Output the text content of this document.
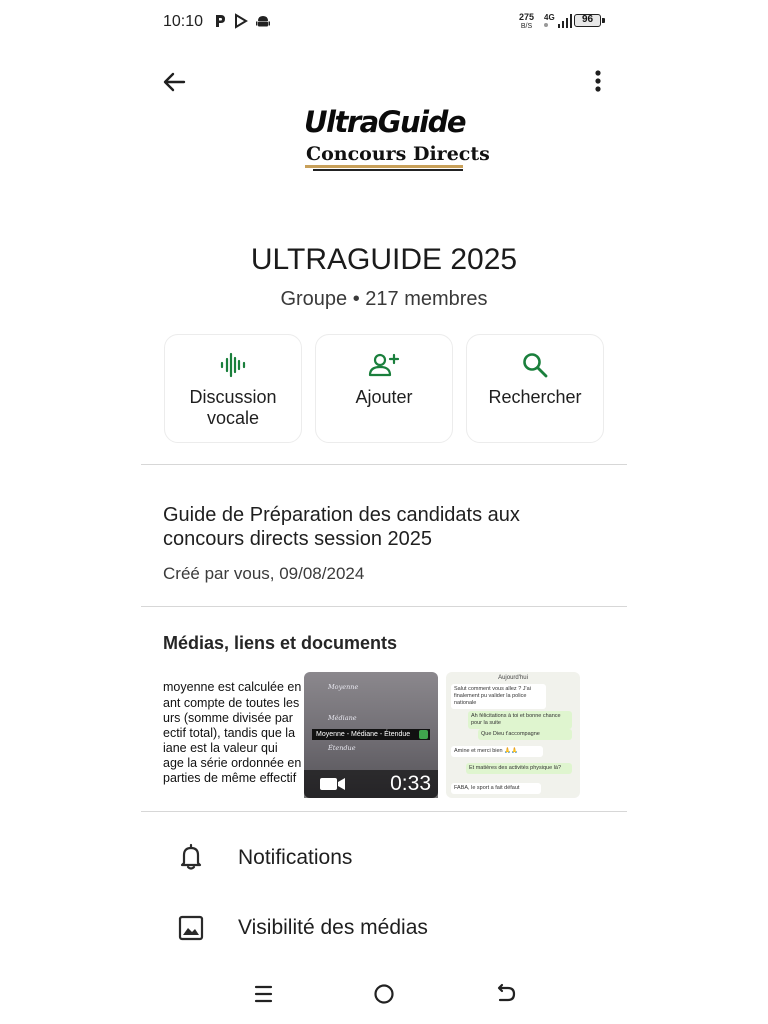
10:10	275
B/S
4G	96
UltraGuide
Concours Directs
ULTRAGUIDE 2025
Groupe • 217 membres
Discussion
vocale
Ajouter	Rechercher
Guide de Préparation des candidats aux concours directs session 2025
Créé par vous, 09/08/2024
Médias, liens et documents
moyenne est calculée en
ant compte de toutes les
urs (somme divisée par
ectif total), tandis que la
iane est la valeur qui
age la série ordonnée en
parties de même effectif
Moyenne
Médiane
Moyenne - Médiane - Étendue
Étendue
0:33
Aujourd'hui
Salut comment vous allez ? J'ai finalement pu valider la police nationale
Ah félicitations à toi et bonne chance pour la suite
Que Dieu t'accompagne
Amine et merci bien 🙏🙏
Et matières des activités physique là?
FABA, le sport a fait défaut
Notifications
Visibilité des médias
